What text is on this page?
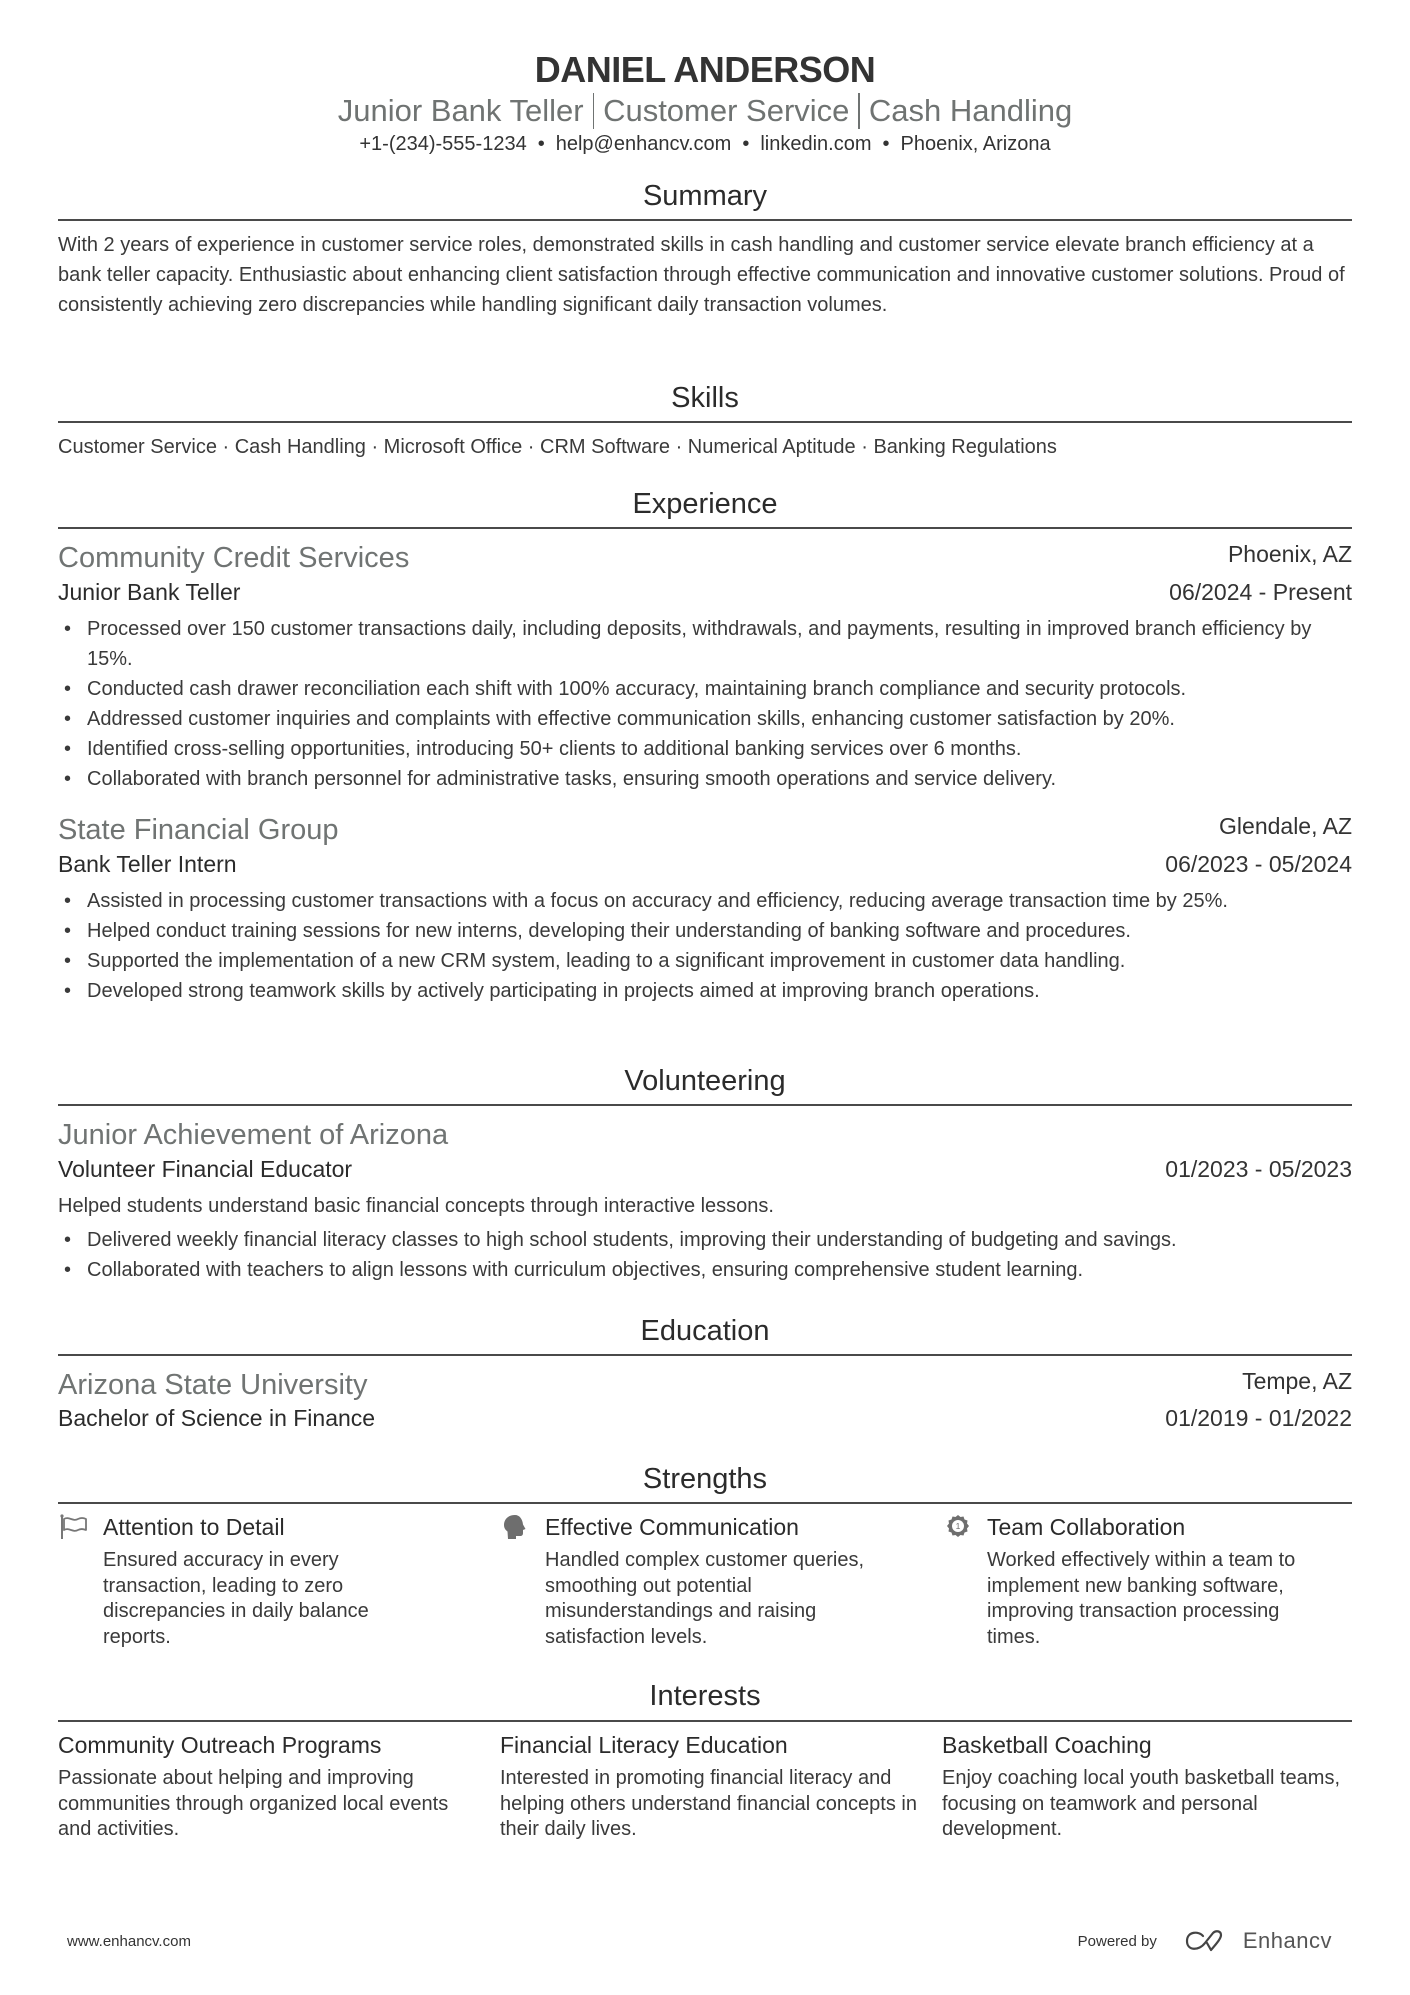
DANIEL ANDERSON
Junior Bank Teller Customer Service Cash Handling
+1-(234)-555-1234 • help@enhancv.com • linkedin.com • Phoenix, Arizona
Summary
With 2 years of experience in customer service roles, demonstrated skills in cash handling and customer service elevate branch efficiency at a bank teller capacity. Enthusiastic about enhancing client satisfaction through effective communication and innovative customer solutions. Proud of consistently achieving zero discrepancies while handling significant daily transaction volumes.
Skills
Customer Service · Cash Handling · Microsoft Office · CRM Software · Numerical Aptitude · Banking Regulations
Experience
Community Credit Services	Phoenix, AZ
Junior Bank Teller	06/2024 - Present
• Processed over 150 customer transactions daily, including deposits, withdrawals, and payments, resulting in improved branch efficiency by 15%.
• Conducted cash drawer reconciliation each shift with 100% accuracy, maintaining branch compliance and security protocols.
• Addressed customer inquiries and complaints with effective communication skills, enhancing customer satisfaction by 20%.
• Identified cross-selling opportunities, introducing 50+ clients to additional banking services over 6 months.
• Collaborated with branch personnel for administrative tasks, ensuring smooth operations and service delivery.
State Financial Group	Glendale, AZ
Bank Teller Intern	06/2023 - 05/2024
• Assisted in processing customer transactions with a focus on accuracy and efficiency, reducing average transaction time by 25%.
• Helped conduct training sessions for new interns, developing their understanding of banking software and procedures.
• Supported the implementation of a new CRM system, leading to a significant improvement in customer data handling.
• Developed strong teamwork skills by actively participating in projects aimed at improving branch operations.
Volunteering
Junior Achievement of Arizona
Volunteer Financial Educator	01/2023 - 05/2023
Helped students understand basic financial concepts through interactive lessons.
• Delivered weekly financial literacy classes to high school students, improving their understanding of budgeting and savings.
• Collaborated with teachers to align lessons with curriculum objectives, ensuring comprehensive student learning.
Education
Arizona State University	Tempe, AZ
Bachelor of Science in Finance	01/2019 - 01/2022
Strengths
Attention to Detail
Ensured accuracy in every transaction, leading to zero discrepancies in daily balance reports.
Effective Communication
Handled complex customer queries, smoothing out potential misunderstandings and raising satisfaction levels.
1 Team Collaboration
Worked effectively within a team to implement new banking software, improving transaction processing times.
Interests
Community Outreach Programs
Passionate about helping and improving communities through organized local events and activities.
Financial Literacy Education
Interested in promoting financial literacy and helping others understand financial concepts in their daily lives.
Basketball Coaching
Enjoy coaching local youth basketball teams, focusing on teamwork and personal development.
www.enhancv.com	Powered by	Enhancv
